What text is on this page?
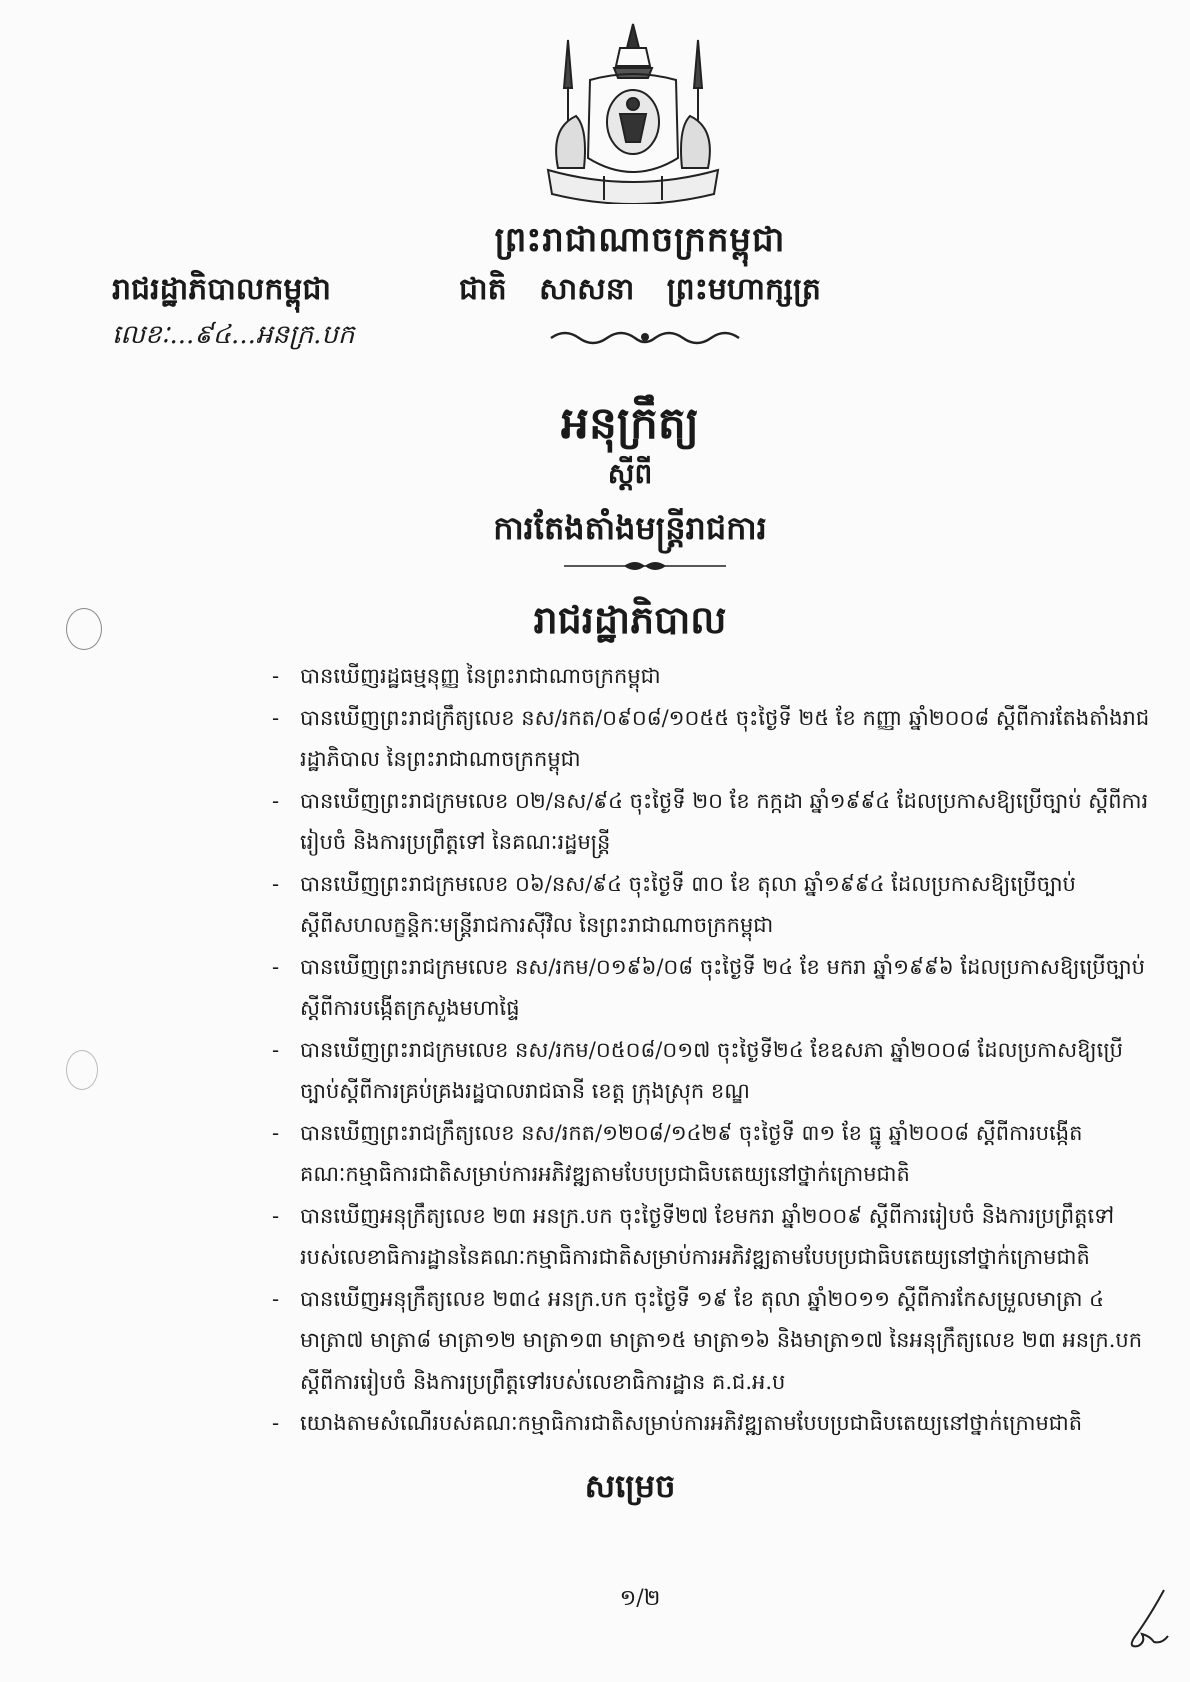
ព្រះរាជាណាចក្រកម្ពុជា
ជាតិ សាសនា ព្រះមហាក្សត្រ
រាជរដ្ឋាភិបាលកម្ពុជា
លេខៈ...៩៤...អនក្រ.បក
អនុក្រឹត្យ
ស្តីពី
ការតែងតាំងមន្ត្រីរាជការ
រាជរដ្ឋាភិបាល
- បានឃើញរដ្ឋធម្មនុញ្ញ នៃព្រះរាជាណាចក្រកម្ពុជា
- បានឃើញព្រះរាជក្រឹត្យលេខ នស/រកត/០៩០៨/១០៥៥ ចុះថ្ងៃទី ២៥ ខែ កញ្ញា ឆ្នាំ២០០៨ ស្តីពីការតែងតាំងរាជរដ្ឋាភិបាល នៃព្រះរាជាណាចក្រកម្ពុជា
- បានឃើញព្រះរាជក្រមលេខ ០២/នស/៩៤ ចុះថ្ងៃទី ២០ ខែ កក្កដា ឆ្នាំ១៩៩៤ ដែលប្រកាសឱ្យប្រើច្បាប់ ស្តីពីការរៀបចំ និងការប្រព្រឹត្តទៅ នៃគណៈរដ្ឋមន្ត្រី
- បានឃើញព្រះរាជក្រមលេខ ០៦/នស/៩៤ ចុះថ្ងៃទី ៣០ ខែ តុលា ឆ្នាំ១៩៩៤ ដែលប្រកាសឱ្យប្រើច្បាប់ ស្តីពីសហលក្ខន្តិកៈមន្ត្រីរាជការស៊ីវិល នៃព្រះរាជាណាចក្រកម្ពុជា
- បានឃើញព្រះរាជក្រមលេខ នស/រកម/០១៩៦/០៨ ចុះថ្ងៃទី ២៤ ខែ មករា ឆ្នាំ១៩៩៦ ដែលប្រកាសឱ្យប្រើច្បាប់ស្តីពីការបង្កើតក្រសួងមហាផ្ទៃ
- បានឃើញព្រះរាជក្រមលេខ នស/រកម/០៥០៨/០១៧ ចុះថ្ងៃទី២៤ ខែឧសភា ឆ្នាំ២០០៨ ដែលប្រកាសឱ្យប្រើច្បាប់ស្តីពីការគ្រប់គ្រងរដ្ឋបាលរាជធានី ខេត្ត ក្រុងស្រុក ខណ្ឌ
- បានឃើញព្រះរាជក្រឹត្យលេខ នស/រកត/១២០៨/១៤២៩ ចុះថ្ងៃទី ៣១ ខែ ធ្នូ ឆ្នាំ២០០៨ ស្តីពីការបង្កើតគណៈកម្មាធិការជាតិសម្រាប់ការអភិវឌ្ឍតាមបែបប្រជាធិបតេយ្យនៅថ្នាក់ក្រោមជាតិ
- បានឃើញអនុក្រឹត្យលេខ ២៣ អនក្រ.បក ចុះថ្ងៃទី២៧ ខែមករា ឆ្នាំ២០០៩ ស្តីពីការរៀបចំ និងការប្រព្រឹត្តទៅរបស់លេខាធិការដ្ឋាននៃគណៈកម្មាធិការជាតិសម្រាប់ការអភិវឌ្ឍតាមបែបប្រជាធិបតេយ្យនៅថ្នាក់ក្រោមជាតិ
- បានឃើញអនុក្រឹត្យលេខ ២៣៤ អនក្រ.បក ចុះថ្ងៃទី ១៩ ខែ តុលា ឆ្នាំ២០១១ ស្តីពីការកែសម្រួលមាត្រា ៤ មាត្រា៧ មាត្រា៨ មាត្រា១២ មាត្រា១៣ មាត្រា១៥ មាត្រា១៦ និងមាត្រា១៧ នៃអនុក្រឹត្យលេខ ២៣ អនក្រ.បក ស្តីពីការរៀបចំ និងការប្រព្រឹត្តទៅរបស់លេខាធិការដ្ឋាន គ.ជ.អ.ប
- យោងតាមសំណើរបស់គណៈកម្មាធិការជាតិសម្រាប់ការអភិវឌ្ឍតាមបែបប្រជាធិបតេយ្យនៅថ្នាក់ក្រោមជាតិ
សម្រេច
១/២
